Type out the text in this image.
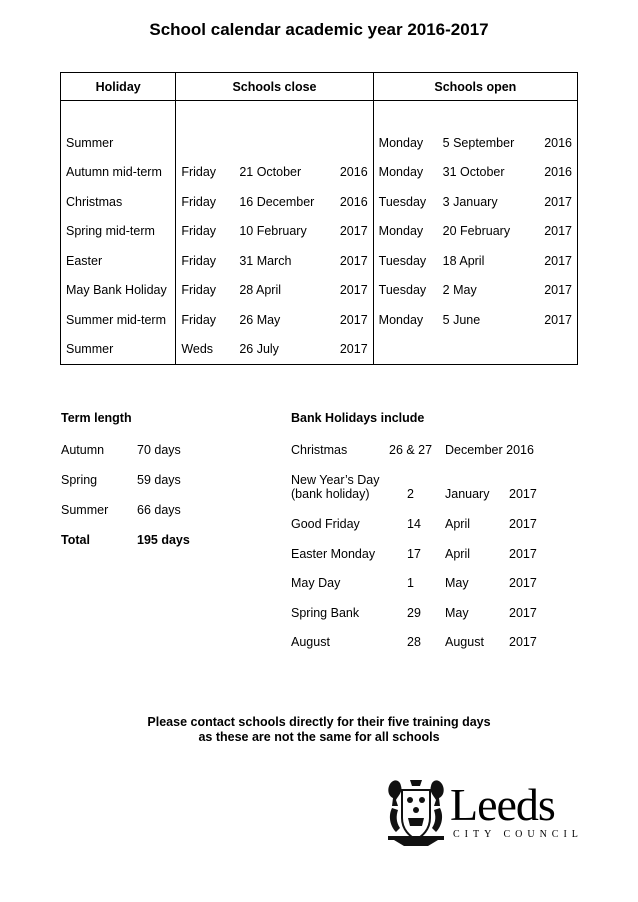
School calendar academic year 2016-2017
Holiday	Schools close	Schools open

Summer		Monday 5 September 2016

Autumn mid-term	Friday 21 October 2016	Monday 31 October 2016

Christmas	Friday 16 December 2016	Tuesday 3 January 2017

Spring mid-term	Friday 10 February 2017	Monday 20 February 2017

Easter	Friday 31 March 2017	Tuesday 18 April 2017

May Bank Holiday	Friday 28 April 2017	Tuesday 2 May 2017

Summer mid-term	Friday 26 May 2017	Monday 5 June 2017

Summer	Weds 26 July 2017	

Term length
Autumn	70 days
Spring	59 days
Summer	66 days
Total	195 days
Bank Holidays include
Christmas	26 & 27	December 2016
New Year’s Day
(bank holiday)	2	January	2017
Good Friday	14	April	2017
Easter Monday	17	April	2017
May Day	1	May	2017
Spring Bank	29	May	2017
August	28	August	2017
Please contact schools directly for their five training days
as these are not the same for all schools
Leeds
CITY COUNCIL
